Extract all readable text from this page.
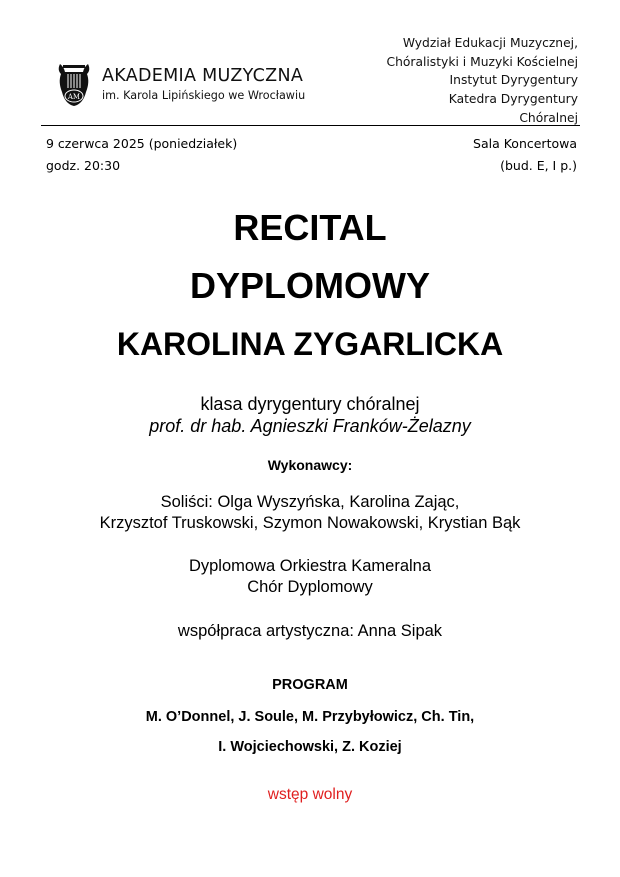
AM
AKADEMIA MUZYCZNA
im. Karola Lipińskiego we Wrocławiu
Wydział Edukacji Muzycznej,
Chóralistyki i Muzyki Kościelnej
Instytut Dyrygentury
Katedra Dyrygentury
Chóralnej
9 czerwca 2025 (poniedziałek)
godz. 20:30
Sala Koncertowa
(bud. E, I p.)
RECITAL
DYPLOMOWY
KAROLINA ZYGARLICKA
klasa dyrygentury chóralnej
prof. dr hab. Agnieszki Franków-Żelazny
Wykonawcy:
Soliści: Olga Wyszyńska, Karolina Zając,
Krzysztof Truskowski, Szymon Nowakowski, Krystian Bąk
Dyplomowa Orkiestra Kameralna
Chór Dyplomowy
współpraca artystyczna: Anna Sipak
PROGRAM
M. O’Donnel, J. Soule, M. Przybyłowicz, Ch. Tin,
I. Wojciechowski, Z. Koziej
wstęp wolny
